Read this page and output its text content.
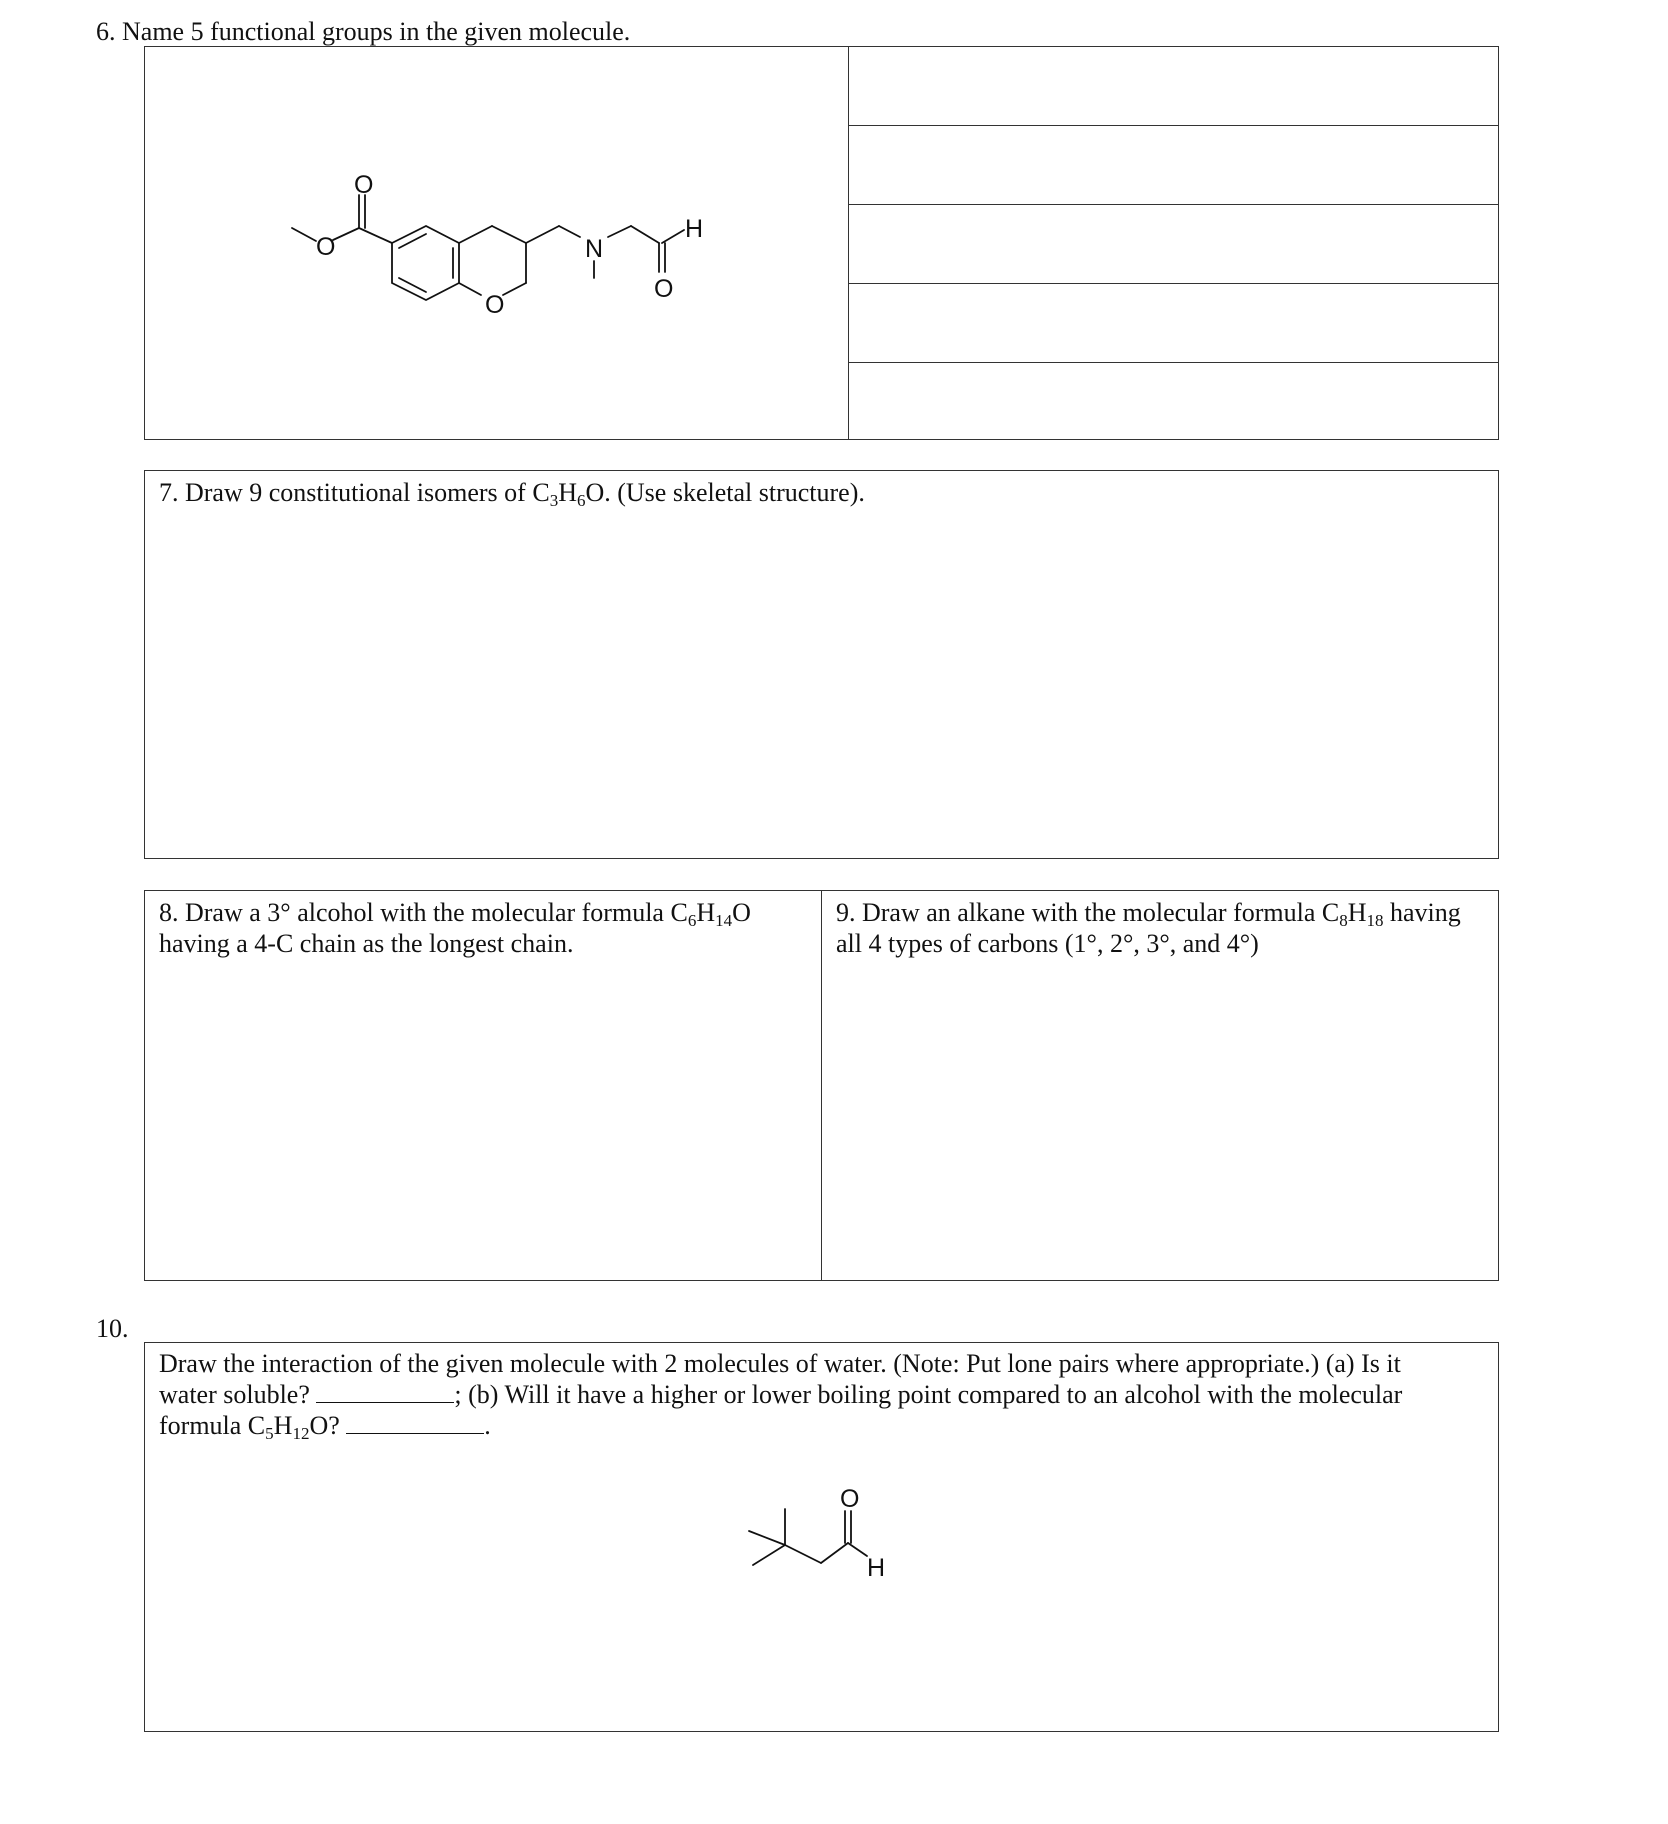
6. Name 5 functional groups in the given molecule.
O
O
O
N
H
O
7. Draw 9 constitutional isomers of $C_3H_6O$. (Use skeletal structure).
8. Draw a 3° alcohol with the molecular formula $C_6H_{14}O$
having a 4-C chain as the longest chain.
9. Draw an alkane with the molecular formula $C_8H_{18}$ having
all 4 types of carbons (1°, 2°, 3°, and 4°)
10.
Draw the interaction of the given molecule with 2 molecules of water. (Note: Put lone pairs where appropriate.) (a) Is it
water soluble?	; (b) Will it have a higher or lower boiling point compared to an alcohol with the molecular
formula $C_5H_{12}O$?	.
O
H
